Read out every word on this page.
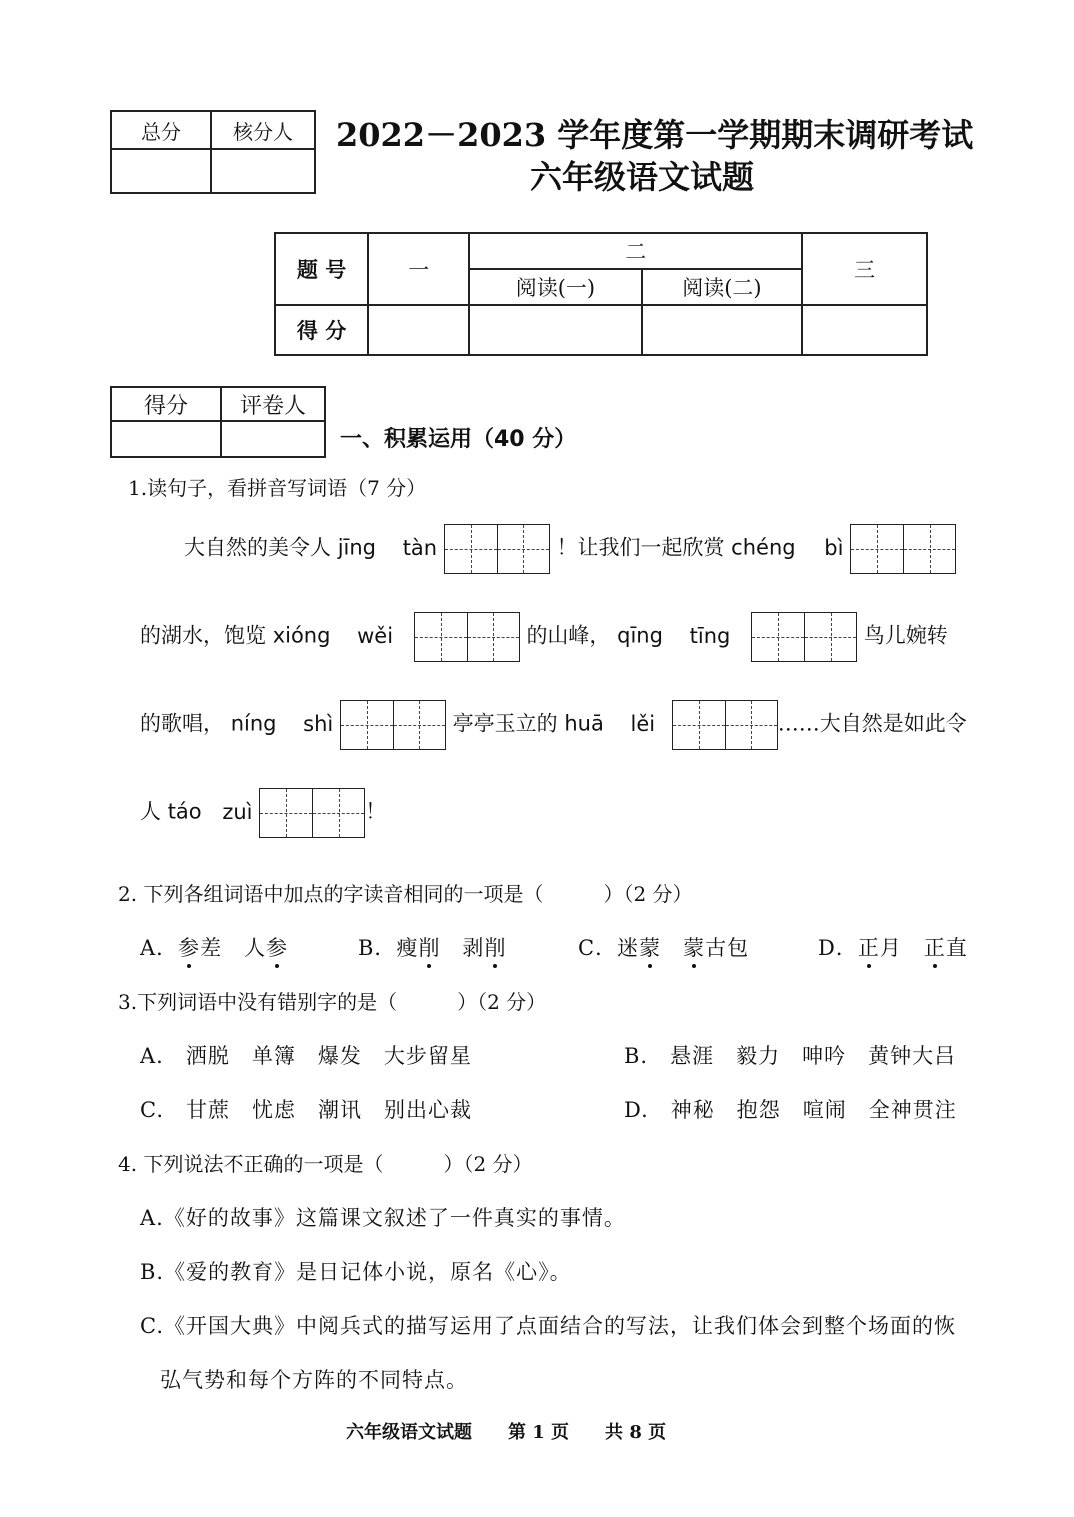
总分	核分人
	2022－2023 学年度第一学期期末调研考试
六年级语文试题
题 号	一	二		三
		阅读(一)	阅读(二)	
得 分				
得分	评卷人

一、积累运用（40 分）
1.读句子，看拼音写词语（7 分）
大自然的美令人 jīng tàn	！让我们一起欣赏 chéng bì
的湖水，饱览 xióng wěi	的山峰， qīng tīng	鸟儿婉转
的歌唱， níng shì	亭亭玉立的 huā lěi	……大自然是如此令
人 táo zuì	！
2. 下列各组词语中加点的字读音相同的一项是（　　　）（2 分）
A．参差　人参	B．瘦削　剥削	C．迷蒙　 蒙古包	D．正月　 正直
3.下列词语中没有错别字的是（　　　）（2 分）
A.　洒脱　单簿　爆发　大步留星	B.　悬涯　毅力　呻吟　黄钟大吕
C.　甘蔗　忧虑　潮讯　别出心裁	D.　神秘　抱怨　喧闹　全神贯注
4. 下列说法不正确的一项是（　　　）（2 分）
A.《好的故事》这篇课文叙述了一件真实的事情。
B.《爱的教育》是日记体小说，原名《心》。
C.《开国大典》中阅兵式的描写运用了点面结合的写法，让我们体会到整个场面的恢
弘气势和每个方阵的不同特点。
六年级语文试题　　第 1 页　　共 8 页
